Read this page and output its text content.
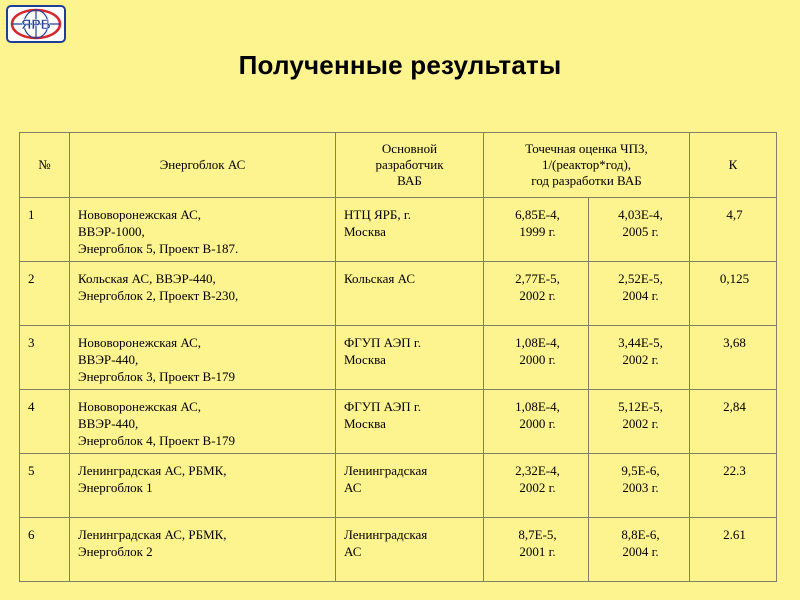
ЯРБ
Полученные результаты
№	Энергоблок АС	Основной
разработчик
ВАБ	Точечная оценка ЧПЗ,
1/(реактор*год),
год разработки ВАБ		К
1	Нововоронежская АС,
ВВЭР-1000,
Энергоблок 5, Проект В-187.	НТЦ ЯРБ, г.
Москва	6,85Е-4,
1999 г.	4,03Е-4,
2005 г.	4,7
2	Кольская АС, ВВЭР-440,
Энергоблок 2, Проект В-230,	Кольская АС	2,77Е-5,
2002 г.	2,52Е-5,
2004 г.	0,125
3	Нововоронежская АС,
ВВЭР-440,
Энергоблок 3, Проект В-179	ФГУП АЭП г.
Москва	1,08Е-4,
2000 г.	3,44Е-5,
2002 г.	3,68
4	Нововоронежская АС,
ВВЭР-440,
Энергоблок 4, Проект В-179	ФГУП АЭП г.
Москва	1,08Е-4,
2000 г.	5,12Е-5,
2002 г.	2,84
5	Ленинградская АС, РБМК,
Энергоблок 1	Ленинградская
АС	2,32Е-4,
2002 г.	9,5Е-6,
2003 г.	22.3
6	Ленинградская АС, РБМК,
Энергоблок 2	Ленинградская
АС	8,7Е-5,
2001 г.	8,8Е-6,
2004 г.	2.61
